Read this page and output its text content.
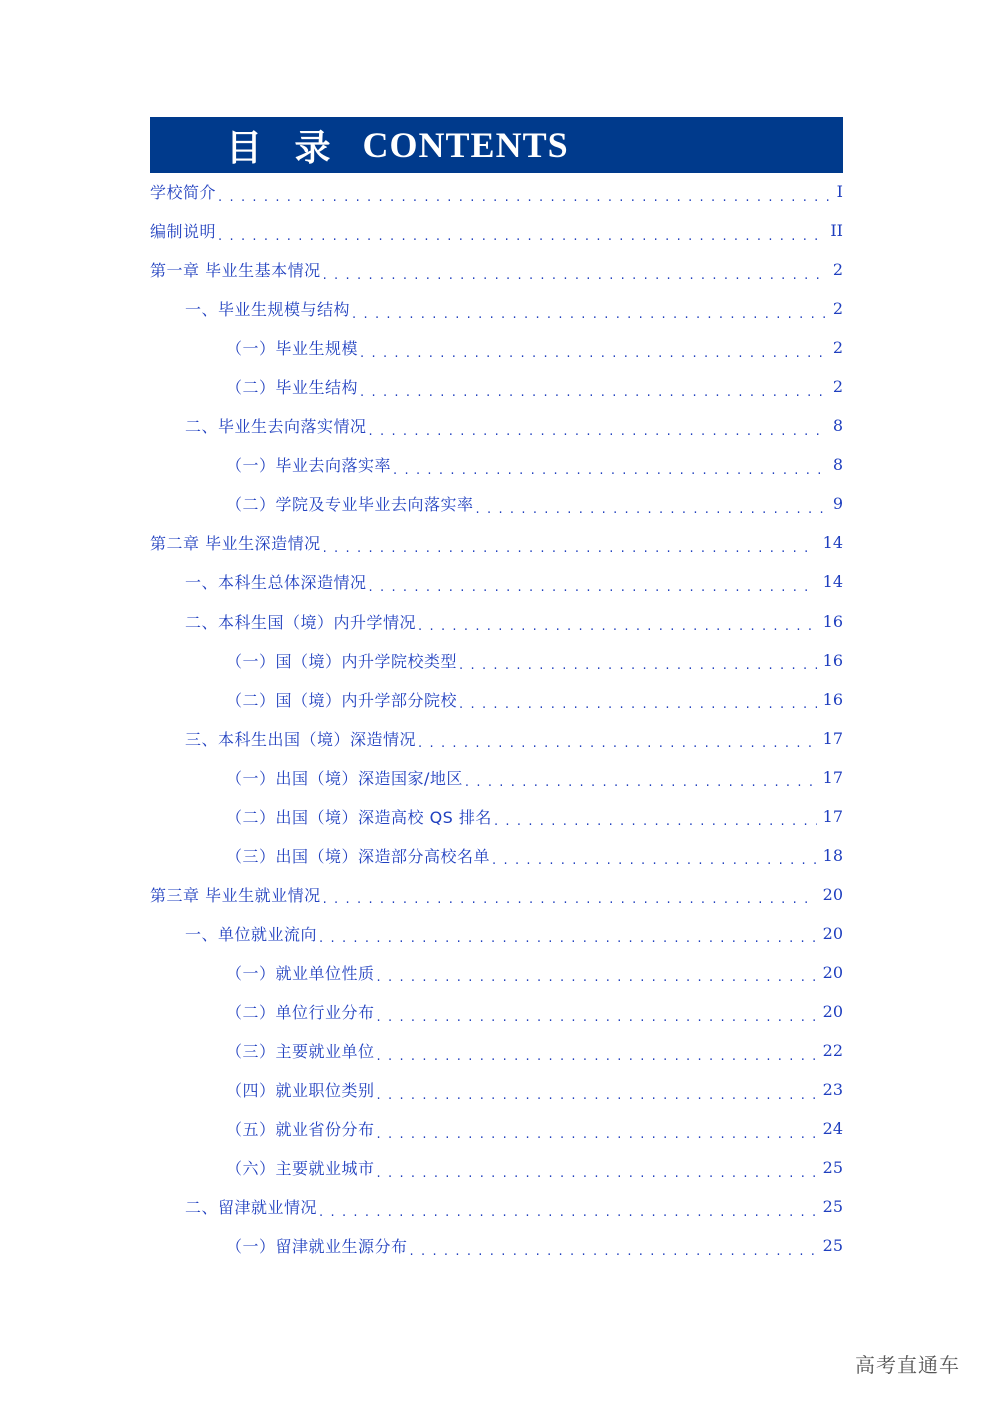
目 录 CONTENTS
学校简介 . . .	I
编制说明 . . .	II
第一章 毕业生基本情况 . . .	2
一、毕业生规模与结构 . . .	2
（一）毕业生规模 . . .	2
（二）毕业生结构 . . .	2
二、毕业生去向落实情况 . . .	8
（一）毕业去向落实率 . . .	8
（二）学院及专业毕业去向落实率 . . .	9
第二章 毕业生深造情况 . . .	14
一、本科生总体深造情况 . . .	14
二、本科生国（境）内升学情况 . . .	16
（一）国（境）内升学院校类型 . . .	16
（二）国（境）内升学部分院校 . . .	16
三、本科生出国（境）深造情况 . . .	17
（一）出国（境）深造国家/地区 . . .	17
（二）出国（境）深造高校 QS 排名 . . .	17
（三）出国（境）深造部分高校名单 . . .	18
第三章 毕业生就业情况 . . .	20
一、单位就业流向 . . .	20
（一）就业单位性质 . . .	20
（二）单位行业分布 . . .	20
（三）主要就业单位 . . .	22
（四）就业职位类别 . . .	23
（五）就业省份分布 . . .	24
（六）主要就业城市 . . .	25
二、留津就业情况 . . .	25
（一）留津就业生源分布 . . .	25
高考直通车
